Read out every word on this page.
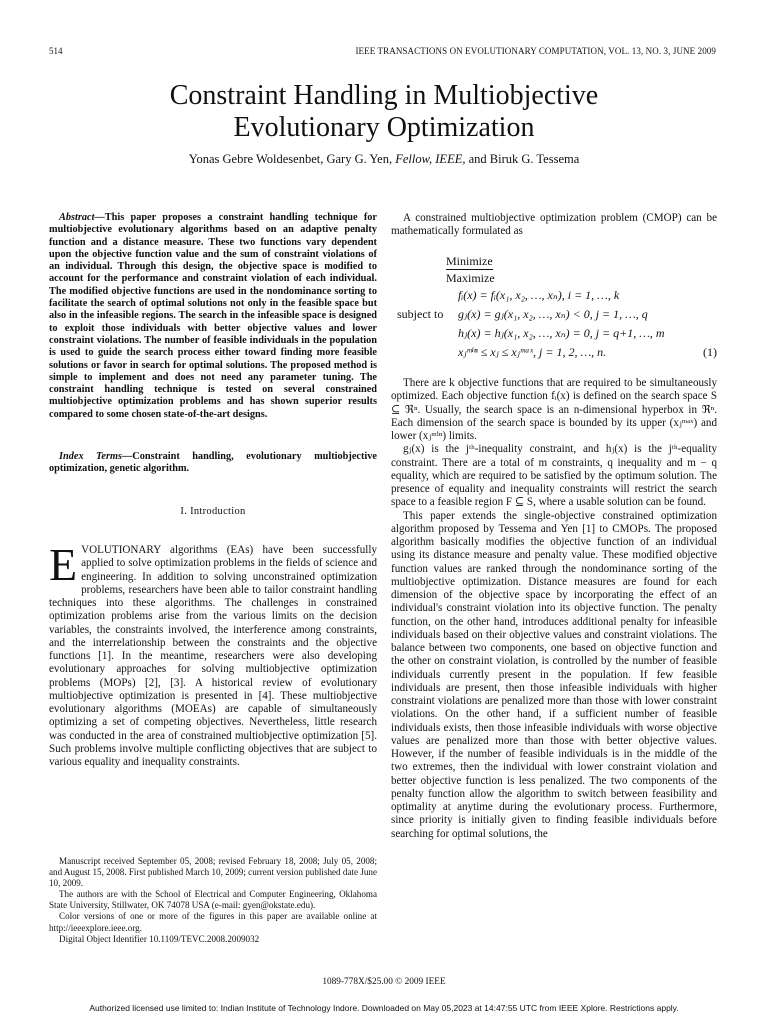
514	IEEE TRANSACTIONS ON EVOLUTIONARY COMPUTATION, VOL. 13, NO. 3, JUNE 2009
Constraint Handling in Multiobjective
Evolutionary Optimization
Yonas Gebre Woldesenbet, Gary G. Yen, Fellow, IEEE, and Biruk G. Tessema
Abstract—This paper proposes a constraint handling technique for multiobjective evolutionary algorithms based on an adaptive penalty function and a distance measure. These two functions vary dependent upon the objective function value and the sum of constraint violations of an individual. Through this design, the objective space is modified to account for the performance and constraint violation of each individual. The modified objective functions are used in the nondominance sorting to facilitate the search of optimal solutions not only in the feasible space but also in the infeasible regions. The search in the infeasible space is designed to exploit those individuals with better objective values and lower constraint violations. The number of feasible individuals in the population is used to guide the search process either toward finding more feasible solutions or favor in search for optimal solutions. The proposed method is simple to implement and does not need any parameter tuning. The constraint handling technique is tested on several constrained multiobjective optimization problems and has shown superior results compared to some chosen state-of-the-art designs.
Index Terms—Constraint handling, evolutionary multiobjective optimization, genetic algorithm.
I. Introduction
EVOLUTIONARY algorithms (EAs) have been successfully applied to solve optimization problems in the fields of science and engineering. In addition to solving unconstrained optimization problems, researchers have been able to tailor constraint handling techniques into these algorithms. The challenges in constrained optimization problems arise from the various limits on the decision variables, the constraints involved, the interference among constraints, and the interrelationship between the constraints and the objective functions [1]. In the meantime, researchers were also developing evolutionary approaches for solving multiobjective optimization problems (MOPs) [2], [3]. A historical review of evolutionary multiobjective optimization is presented in [4]. These multiobjective evolutionary algorithms (MOEAs) are capable of simultaneously optimizing a set of competing objectives. Nevertheless, little research was conducted in the area of constrained multiobjective optimization [5]. Such problems involve multiple conflicting objectives that are subject to various equality and inequality constraints.

Manuscript received September 05, 2008; revised February 18, 2008; July 05, 2008; and August 15, 2008. First published March 10, 2009; current version published date June 10, 2009.

The authors are with the School of Electrical and Computer Engineering, Oklahoma State University, Stillwater, OK 74078 USA (e-mail: gyen@okstate.edu).

Color versions of one or more of the figures in this paper are available online at http://ieeexplore.ieee.org.

Digital Object Identifier 10.1109/TEVC.2008.2009032

A constrained multiobjective optimization problem (CMOP) can be mathematically formulated as
Minimize
Maximize
fᵢ(x) = fᵢ(x₁, x₂, …, xₙ), i = 1, …, k
subject to gⱼ(x) = gⱼ(x₁, x₂, …, xₙ) < 0, j = 1, …, q
hⱼ(x) = hⱼ(x₁, x₂, …, xₙ) = 0, j = q+1, …, m
xⱼᵐⁱⁿ ≤ xⱼ ≤ xⱼᵐᵃˣ, j = 1, 2, …, n.	(1)

There are k objective functions that are required to be simultaneously optimized. Each objective function fᵢ(x) is defined on the search space S ⊆ ℜⁿ. Usually, the search space is an n-dimensional hyperbox in ℜⁿ. Each dimension of the search space is bounded by its upper (xⱼᵐᵃˣ) and lower (xⱼᵐⁱⁿ) limits.

gⱼ(x) is the jᵗʰ-inequality constraint, and hⱼ(x) is the jᵗʰ-equality constraint. There are a total of m constraints, q inequality and m − q equality, which are required to be satisfied by the optimum solution. The presence of equality and inequality constraints will restrict the search space to a feasible region F ⊆ S, where a usable solution can be found.

This paper extends the single-objective constrained optimization algorithm proposed by Tessema and Yen [1] to CMOPs. The proposed algorithm basically modifies the objective function of an individual using its distance measure and penalty value. These modified objective function values are ranked through the nondominance sorting of the multiobjective optimization. Distance measures are found for each dimension of the objective space by incorporating the effect of an individual's constraint violation into its objective function. The penalty function, on the other hand, introduces additional penalty for infeasible individuals based on their objective values and constraint violations. The balance between two components, one based on objective function and the other on constraint violation, is controlled by the number of feasible individuals currently present in the population. If few feasible individuals are present, then those infeasible individuals with higher constraint violations are penalized more than those with lower constraint violations. On the other hand, if a sufficient number of feasible individuals exists, then those infeasible individuals with worse objective values are penalized more than those with better objective values. However, if the number of feasible individuals is in the middle of the two extremes, then the individual with lower constraint violation and better objective function is less penalized. The two components of the penalty function allow the algorithm to switch between feasibility and optimality at anytime during the evolutionary process. Furthermore, since priority is initially given to finding feasible individuals before searching for optimal solutions, the

1089-778X/$25.00 © 2009 IEEE
Authorized licensed use limited to: Indian Institute of Technology Indore. Downloaded on May 05,2023 at 14:47:55 UTC from IEEE Xplore. Restrictions apply.
